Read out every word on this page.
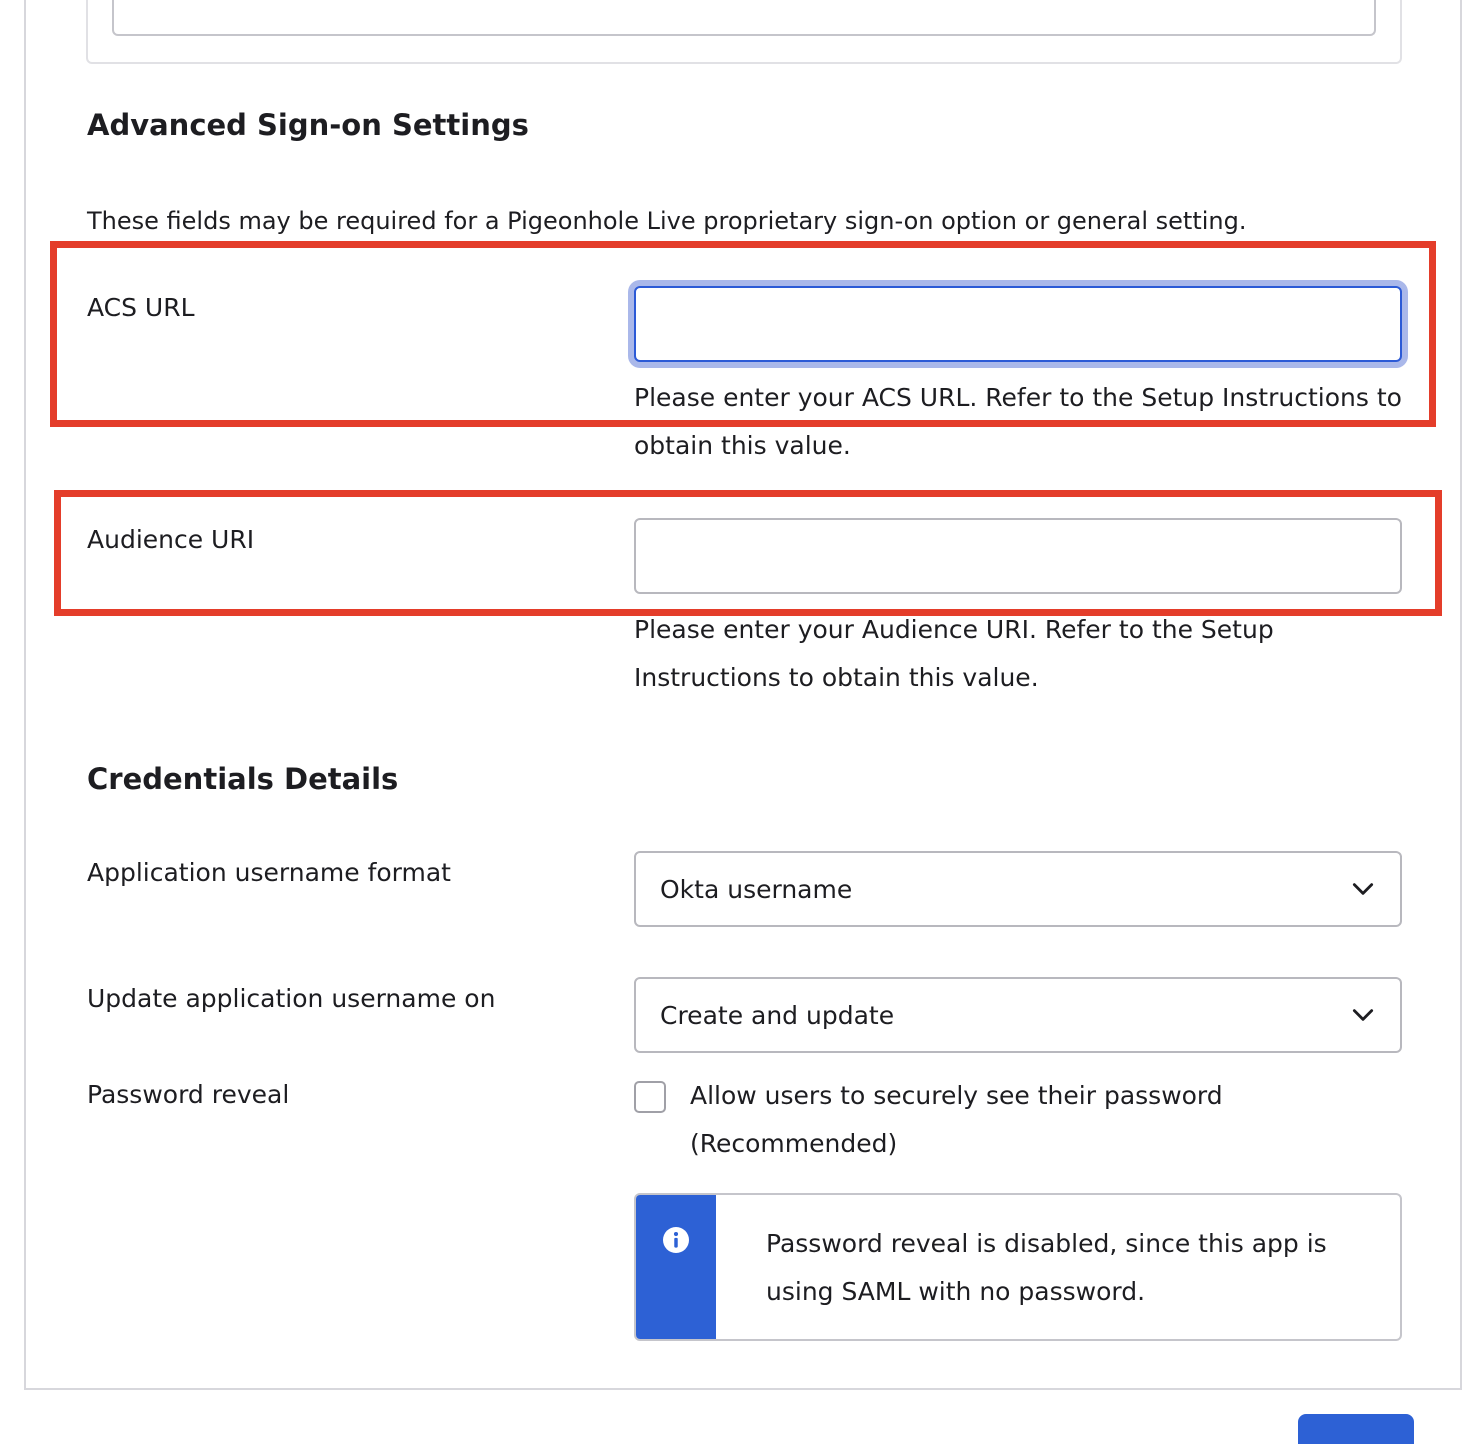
Advanced Sign-on Settings
These fields may be required for a Pigeonhole Live proprietary sign-on option or general setting.
ACS URL
Please enter your ACS URL. Refer to the Setup Instructions to obtain this value.
Audience URI
Please enter your Audience URI. Refer to the Setup Instructions to obtain this value.
Credentials Details
Application username format
Okta username
Update application username on
Create and update
Password reveal	Allow users to securely see their password (Recommended)
Password reveal is disabled, since this app is using SAML with no password.
